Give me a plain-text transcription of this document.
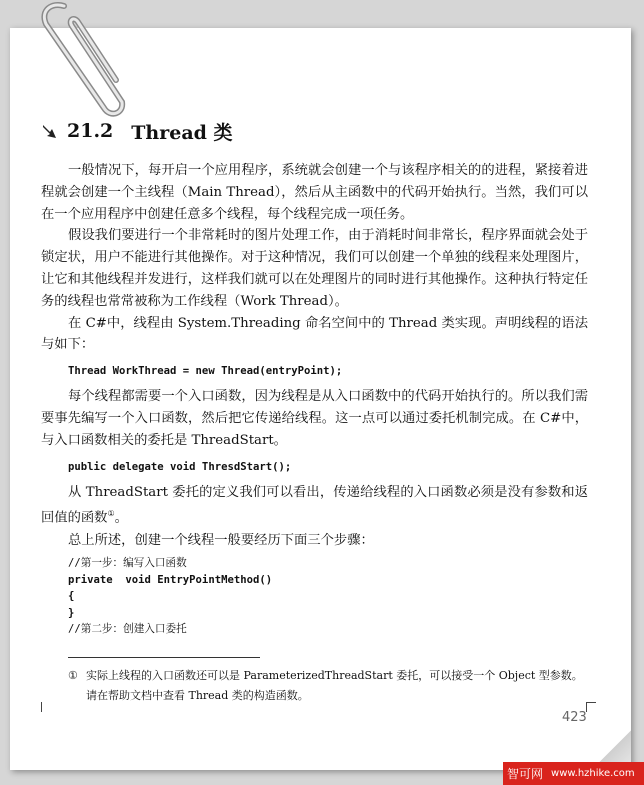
21.2 Thread 类

一般情况下，每开启一个应用程序，系统就会创建一个与该程序相关的的进程，紧接着进程就会创建一个主线程（Main Thread），然后从主函数中的代码开始执行。当然，我们可以在一个应用程序中创建任意多个线程，每个线程完成一项任务。

假设我们要进行一个非常耗时的图片处理工作，由于消耗时间非常长，程序界面就会处于锁定状，用户不能进行其他操作。对于这种情况，我们可以创建一个单独的线程来处理图片，让它和其他线程并发进行，这样我们就可以在处理图片的同时进行其他操作。这种执行特定任务的线程也常常被称为工作线程（Work Thread）。

在 C#中，线程由 System.Threading 命名空间中的 Thread 类实现。声明线程的语法与如下：

Thread WorkThread = new Thread(entryPoint);

每个线程都需要一个入口函数，因为线程是从入口函数中的代码开始执行的。所以我们需要事先编写一个入口函数，然后把它传递给线程。这一点可以通过委托机制完成。在 C#中，与入口函数相关的委托是 ThreadStart。

public delegate void ThresdStart();

从 ThreadStart 委托的定义我们可以看出，传递给线程的入口函数必须是没有参数和返回值的函数①。

总上所述，创建一个线程一般要经历下面三个步骤：

//第一步：编写入口函数
private  void EntryPointMethod()
{
}
//第二步：创建入口委托
① 实际上线程的入口函数还可以是 ParameterizedThreadStart 委托，可以接受一个 Object 型参数。
请在帮助文档中查看 Thread 类的构造函数。
423
智可网 www.hzhike.com
